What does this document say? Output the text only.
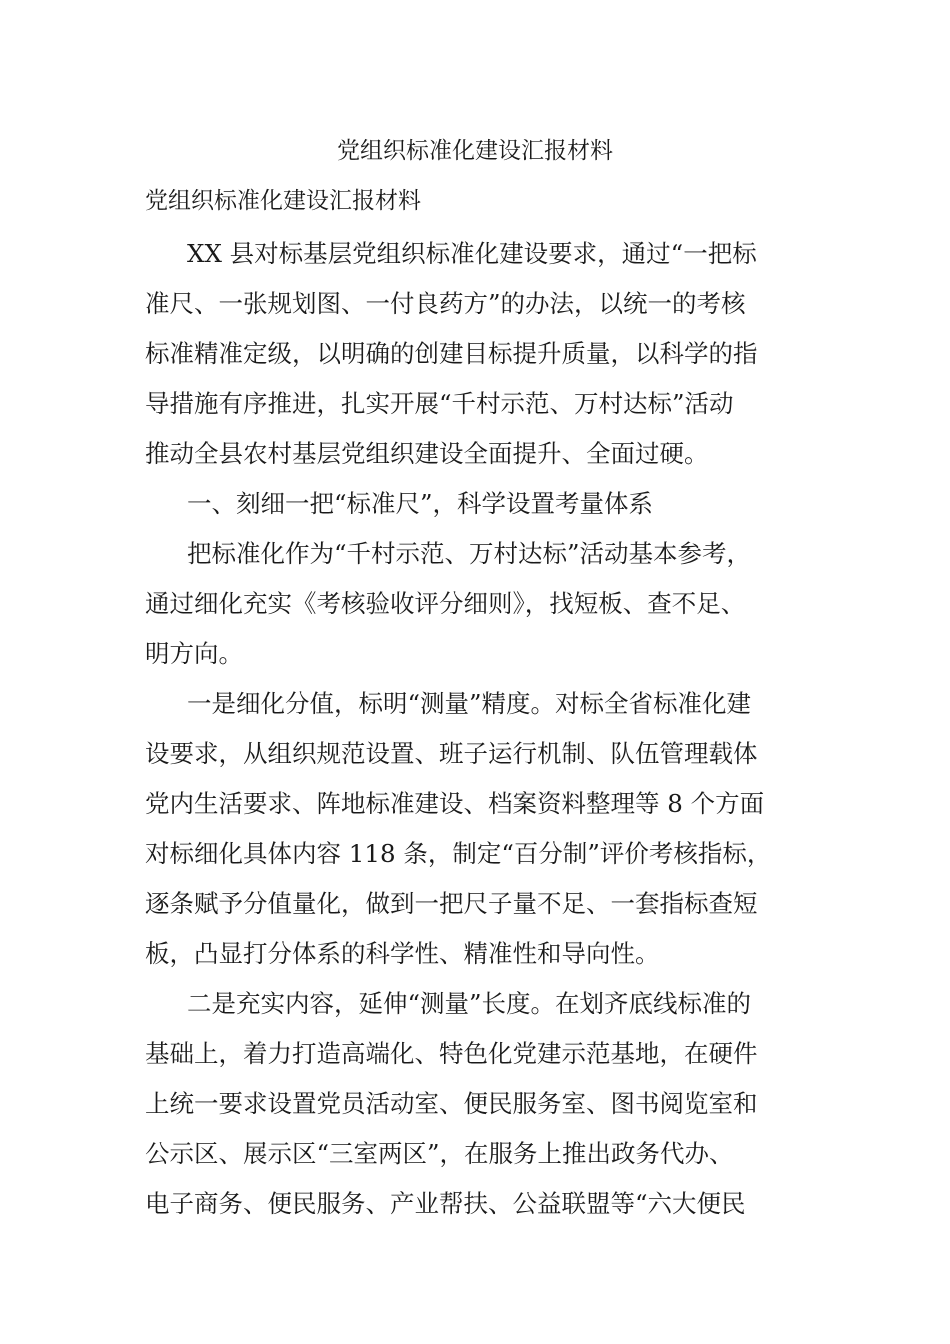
党组织标准化建设汇报材料

党组织标准化建设汇报材料

XX 县对标基层党组织标准化建设要求，通过“一把标
准尺、一张规划图、一付良药方”的办法，以统一的考核
标准精准定级，以明确的创建目标提升质量，以科学的指
导措施有序推进，扎实开展“千村示范、万村达标”活动
推动全县农村基层党组织建设全面提升、全面过硬。
一、刻细一把“标准尺”，科学设置考量体系
把标准化作为“千村示范、万村达标”活动基本参考，
通过细化充实《考核验收评分细则》，找短板、查不足、
明方向。
一是细化分值，标明“测量”精度。对标全省标准化建
设要求，从组织规范设置、班子运行机制、队伍管理载体
党内生活要求、阵地标准建设、档案资料整理等 8 个方面
对标细化具体内容 118 条，制定“百分制”评价考核指标，
逐条赋予分值量化，做到一把尺子量不足、一套指标查短
板，凸显打分体系的科学性、精准性和导向性。
二是充实内容，延伸“测量”长度。在划齐底线标准的
基础上，着力打造高端化、特色化党建示范基地，在硬件
上统一要求设置党员活动室、便民服务室、图书阅览室和
公示区、展示区“三室两区”，在服务上推出政务代办、
电子商务、便民服务、产业帮扶、公益联盟等“六大便民
